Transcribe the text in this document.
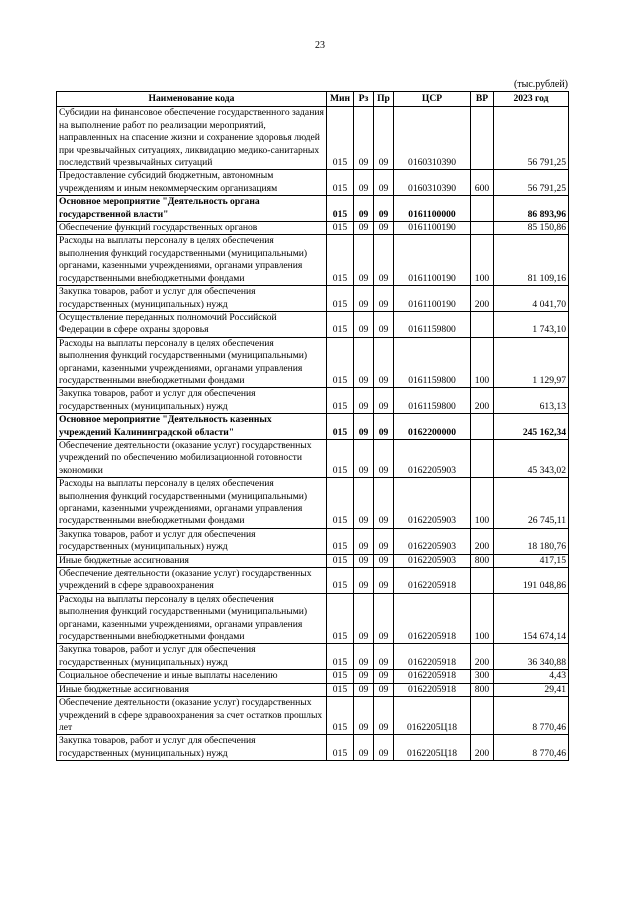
23
(тыс.рублей)
Наименование кода	Мин	Рз	Пр	ЦСР	ВР	2023 год
Субсидии на финансовое обеспечение государственного задания на выполнение работ по реализации мероприятий, направленных на спасение жизни и сохранение здоровья людей при чрезвычайных ситуациях, ликвидацию медико-санитарных последствий чрезвычайных ситуаций	015	09	09	0160310390		56 791,25
Предоставление субсидий бюджетным, автономным учреждениям и иным некоммерческим организациям	015	09	09	0160310390	600	56 791,25
Основное мероприятие "Деятельность органа государственной власти"	015	09	09	0161100000		86 893,96
Обеспечение функций государственных органов	015	09	09	0161100190		85 150,86
Расходы на выплаты персоналу в целях обеспечения выполнения функций государственными (муниципальными) органами, казенными учреждениями, органами управления государственными внебюджетными фондами	015	09	09	0161100190	100	81 109,16
Закупка товаров, работ и услуг для обеспечения государственных (муниципальных) нужд	015	09	09	0161100190	200	4 041,70
Осуществление переданных полномочий Российской Федерации в сфере охраны здоровья	015	09	09	0161159800		1 743,10
Расходы на выплаты персоналу в целях обеспечения выполнения функций государственными (муниципальными) органами, казенными учреждениями, органами управления государственными внебюджетными фондами	015	09	09	0161159800	100	1 129,97
Закупка товаров, работ и услуг для обеспечения государственных (муниципальных) нужд	015	09	09	0161159800	200	613,13
Основное мероприятие "Деятельность казенных учреждений Калининградской области"	015	09	09	0162200000		245 162,34
Обеспечение деятельности (оказание услуг) государственных учреждений по обеспечению мобилизационной готовности экономики	015	09	09	0162205903		45 343,02
Расходы на выплаты персоналу в целях обеспечения выполнения функций государственными (муниципальными) органами, казенными учреждениями, органами управления государственными внебюджетными фондами	015	09	09	0162205903	100	26 745,11
Закупка товаров, работ и услуг для обеспечения государственных (муниципальных) нужд	015	09	09	0162205903	200	18 180,76
Иные бюджетные ассигнования	015	09	09	0162205903	800	417,15
Обеспечение деятельности (оказание услуг) государственных учреждений в сфере здравоохранения	015	09	09	0162205918		191 048,86
Расходы на выплаты персоналу в целях обеспечения выполнения функций государственными (муниципальными) органами, казенными учреждениями, органами управления государственными внебюджетными фондами	015	09	09	0162205918	100	154 674,14
Закупка товаров, работ и услуг для обеспечения государственных (муниципальных) нужд	015	09	09	0162205918	200	36 340,88
Социальное обеспечение и иные выплаты населению	015	09	09	0162205918	300	4,43
Иные бюджетные ассигнования	015	09	09	0162205918	800	29,41
Обеспечение деятельности (оказание услуг) государственных учреждений в сфере здравоохранения за счет остатков прошлых лет	015	09	09	0162205Ц18		8 770,46
Закупка товаров, работ и услуг для обеспечения государственных (муниципальных) нужд	015	09	09	0162205Ц18	200	8 770,46
